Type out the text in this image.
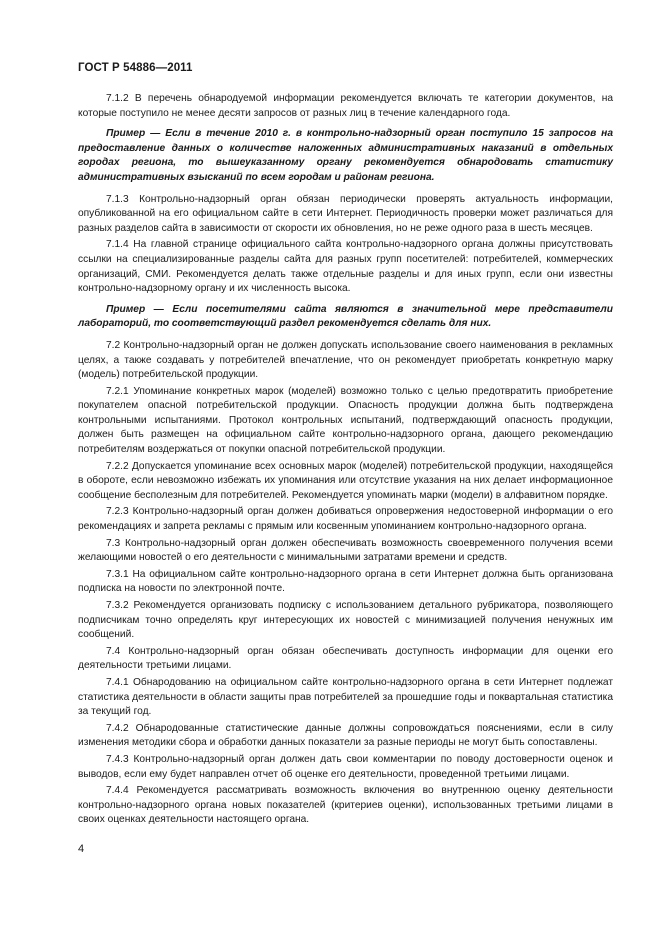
ГОСТ Р 54886—2011

7.1.2 В перечень обнародуемой информации рекомендуется включать те категории документов, на которые поступило не менее десяти запросов от разных лиц в течение календарного года.

Пример — Если в течение 2010 г. в контрольно-надзорный орган поступило 15 запросов на предоставление данных о количестве наложенных административных наказаний в отдельных городах региона, то вышеуказанному органу рекомендуется обнародовать статистику административных взысканий по всем городам и районам региона.

7.1.3 Контрольно-надзорный орган обязан периодически проверять актуальность информации, опубликованной на его официальном сайте в сети Интернет. Периодичность проверки может различаться для разных разделов сайта в зависимости от скорости их обновления, но не реже одного раза в шесть месяцев.

7.1.4 На главной странице официального сайта контрольно-надзорного органа должны присутствовать ссылки на специализированные разделы сайта для разных групп посетителей: потребителей, коммерческих организаций, СМИ. Рекомендуется делать также отдельные разделы и для иных групп, если они известны контрольно-надзорному органу и их численность высока.

Пример — Если посетителями сайта являются в значительной мере представители лабораторий, то соответствующий раздел рекомендуется сделать для них.

7.2 Контрольно-надзорный орган не должен допускать использование своего наименования в рекламных целях, а также создавать у потребителей впечатление, что он рекомендует приобретать конкретную марку (модель) потребительской продукции.

7.2.1 Упоминание конкретных марок (моделей) возможно только с целью предотвратить приобретение покупателем опасной потребительской продукции. Опасность продукции должна быть подтверждена контрольными испытаниями. Протокол контрольных испытаний, подтверждающий опасность продукции, должен быть размещен на официальном сайте контрольно-надзорного органа, дающего рекомендацию потребителям воздержаться от покупки опасной потребительской продукции.

7.2.2 Допускается упоминание всех основных марок (моделей) потребительской продукции, находящейся в обороте, если невозможно избежать их упоминания или отсутствие указания на них делает информационное сообщение бесполезным для потребителей. Рекомендуется упоминать марки (модели) в алфавитном порядке.

7.2.3 Контрольно-надзорный орган должен добиваться опровержения недостоверной информации о его рекомендациях и запрета рекламы с прямым или косвенным упоминанием контрольно-надзорного органа.

7.3 Контрольно-надзорный орган должен обеспечивать возможность своевременного получения всеми желающими новостей о его деятельности с минимальными затратами времени и средств.

7.3.1 На официальном сайте контрольно-надзорного органа в сети Интернет должна быть организована подписка на новости по электронной почте.

7.3.2 Рекомендуется организовать подписку с использованием детального рубрикатора, позволяющего подписчикам точно определять круг интересующих их новостей с минимизацией получения ненужных им сообщений.

7.4 Контрольно-надзорный орган обязан обеспечивать доступность информации для оценки его деятельности третьими лицами.

7.4.1 Обнародованию на официальном сайте контрольно-надзорного органа в сети Интернет подлежат статистика деятельности в области защиты прав потребителей за прошедшие годы и поквартальная статистика за текущий год.

7.4.2 Обнародованные статистические данные должны сопровождаться пояснениями, если в силу изменения методики сбора и обработки данных показатели за разные периоды не могут быть сопоставлены.

7.4.3 Контрольно-надзорный орган должен дать свои комментарии по поводу достоверности оценок и выводов, если ему будет направлен отчет об оценке его деятельности, проведенной третьими лицами.

7.4.4 Рекомендуется рассматривать возможность включения во внутреннюю оценку деятельности контрольно-надзорного органа новых показателей (критериев оценки), использованных третьими лицами в своих оценках деятельности настоящего органа.

4
